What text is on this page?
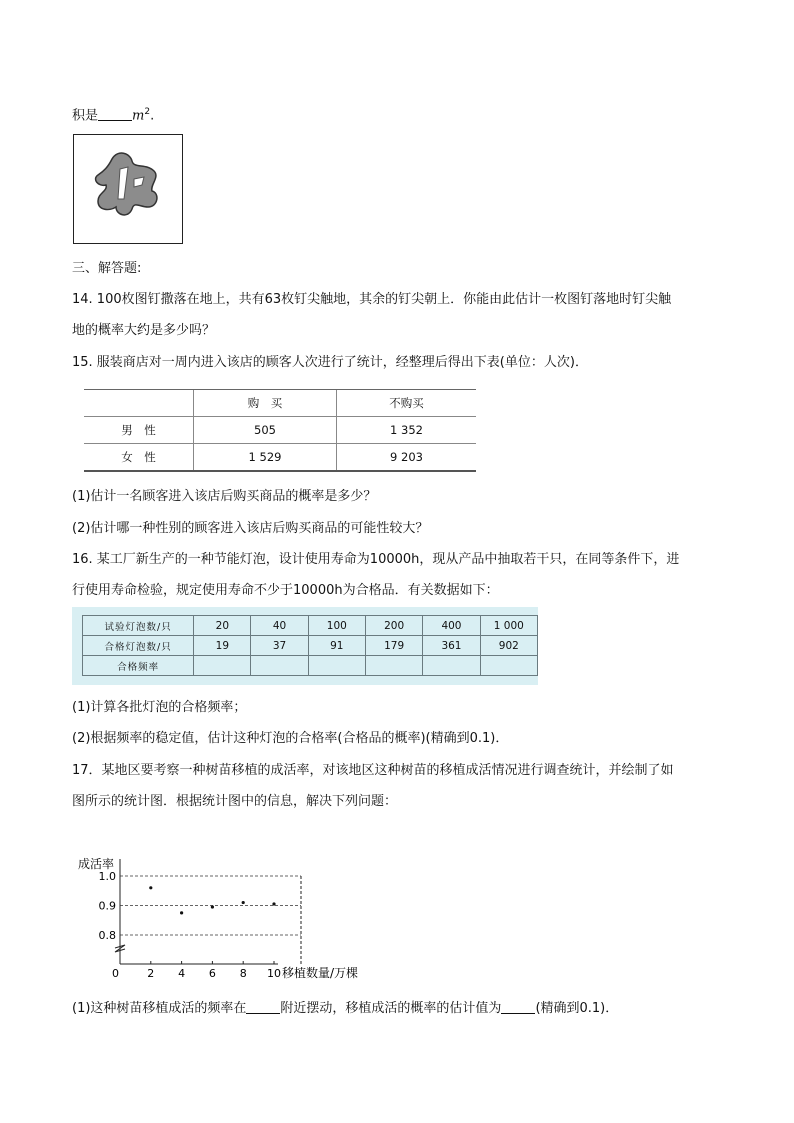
积是	$m^2$.
三、解答题:
14. 100枚图钉撒落在地上，共有63枚钉尖触地，其余的钉尖朝上．你能由此估计一枚图钉落地时钉尖触
地的概率大约是多少吗？
15. 服装商店对一周内进入该店的顾客人次进行了统计，经整理后得出下表(单位：人次)．
	购　买	不购买
男　性	505	1 352
女　性	1 529	9 203
(1)估计一名顾客进入该店后购买商品的概率是多少？
(2)估计哪一种性别的顾客进入该店后购买商品的可能性较大？
16. 某工厂新生产的一种节能灯泡，设计使用寿命为10000h，现从产品中抽取若干只，在同等条件下，进
行使用寿命检验，规定使用寿命不少于10000h为合格品．有关数据如下：
试验灯泡数/只	20	40	100	200	400	1 000
合格灯泡数/只	19	37	91	179	361	902
合格频率						
(1)计算各批灯泡的合格频率；
(2)根据频率的稳定值，估计这种灯泡的合格率(合格品的概率)(精确到0.1)．
17．某地区要考察一种树苗移植的成活率，对该地区这种树苗的移植成活情况进行调查统计，并绘制了如
图所示的统计图．根据统计图中的信息，解决下列问题：
成活率
移植数量/万棵
0
0.8
0.9
1.0
2 4 6 8 10
(1)这种树苗移植成活的频率在	附近摆动，移植成活的概率的估计值为	(精确到0.1)．
